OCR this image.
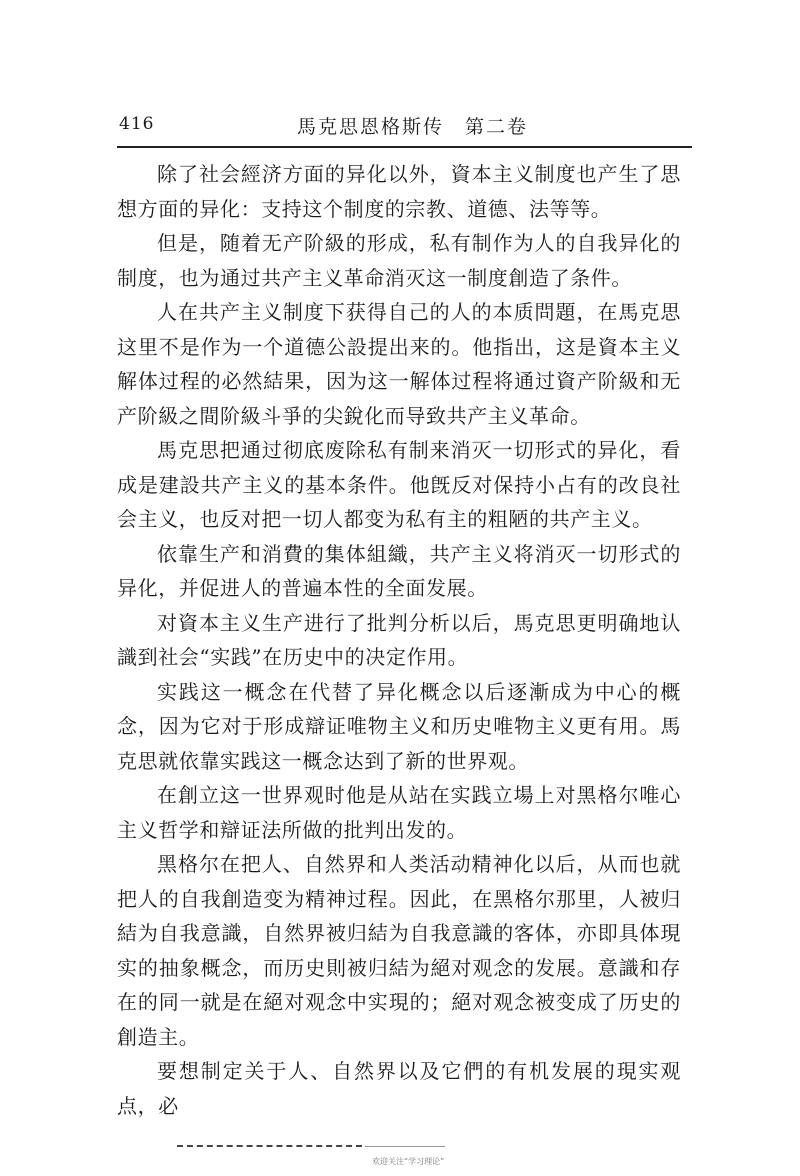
416	馬克思恩格斯传　第二卷

除了社会經济方面的异化以外，資本主义制度也产生了思想方面的异化：支持这个制度的宗教、道德、法等等。

但是，随着无产阶級的形成，私有制作为人的自我异化的制度，也为通过共产主义革命消灭这一制度創造了条件。

人在共产主义制度下获得自己的人的本质問題，在馬克思这里不是作为一个道德公設提出来的。他指出，这是資本主义解体过程的必然結果，因为这一解体过程将通过資产阶級和无产阶級之間阶級斗爭的尖銳化而导致共产主义革命。

馬克思把通过彻底废除私有制来消灭一切形式的异化，看成是建設共产主义的基本条件。他旣反对保持小占有的改良社会主义，也反对把一切人都变为私有主的粗陋的共产主义。

依靠生产和消費的集体組織，共产主义将消灭一切形式的异化，并促进人的普遍本性的全面发展。

对資本主义生产进行了批判分析以后，馬克思更明确地认識到社会“实践”在历史中的决定作用。

实践这一概念在代替了异化概念以后逐漸成为中心的概念，因为它对于形成辯证唯物主义和历史唯物主义更有用。馬克思就依靠实践这一概念达到了新的世界观。

在創立这一世界观时他是从站在实践立場上对黑格尔唯心主义哲学和辯证法所做的批判出发的。

黑格尔在把人、自然界和人类活动精神化以后，从而也就把人的自我創造变为精神过程。因此，在黑格尔那里，人被归結为自我意識，自然界被归結为自我意識的客体，亦即具体現实的抽象概念，而历史則被归結为絕对观念的发展。意識和存在的同一就是在絕对观念中实現的；絕对观念被变成了历史的創造主。

要想制定关于人、自然界以及它們的有机发展的現实观点，必

欢迎关注“学习理论”
